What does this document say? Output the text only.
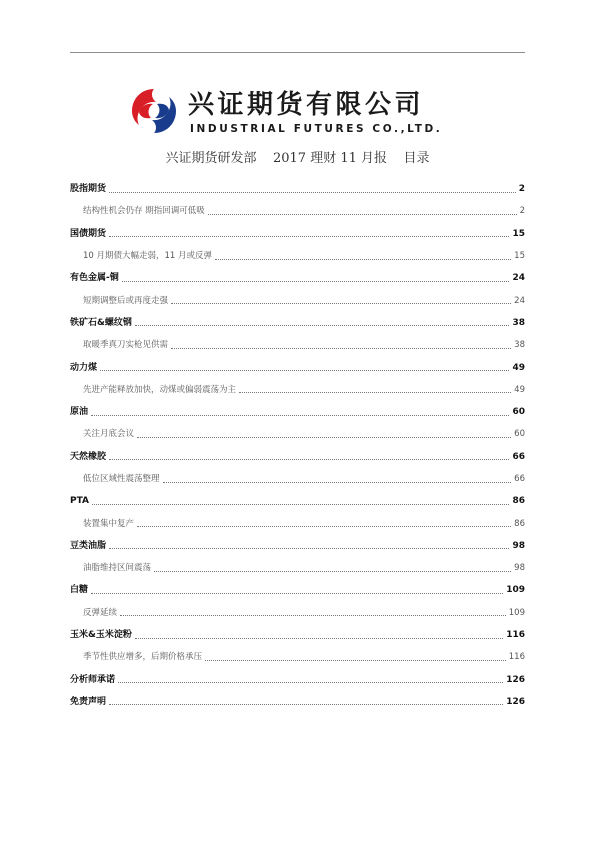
兴证期货有限公司
INDUSTRIAL FUTURES CO.,LTD.
兴证期货研发部    2017 理财 11 月报    目录
股指期货	2
结构性机会仍存 期指回调可低吸	2
国债期货	15
10 月期债大幅走弱，11 月或反弹	15
有色金属-铜	24
短期调整后或再度走强	24
铁矿石&螺纹钢	38
取暖季真刀实枪见供需	38
动力煤	49
先进产能释放加快，动煤或偏弱震荡为主	49
原油	60
关注月底会议	60
天然橡胶	66
低位区域性震荡整理	66
PTA	86
装置集中复产	86
豆类油脂	98
油脂维持区间震荡	98
白糖	109
反弹延续	109
玉米&玉米淀粉	116
季节性供应增多，后期价格承压	116
分析师承诺	126
免责声明	126
